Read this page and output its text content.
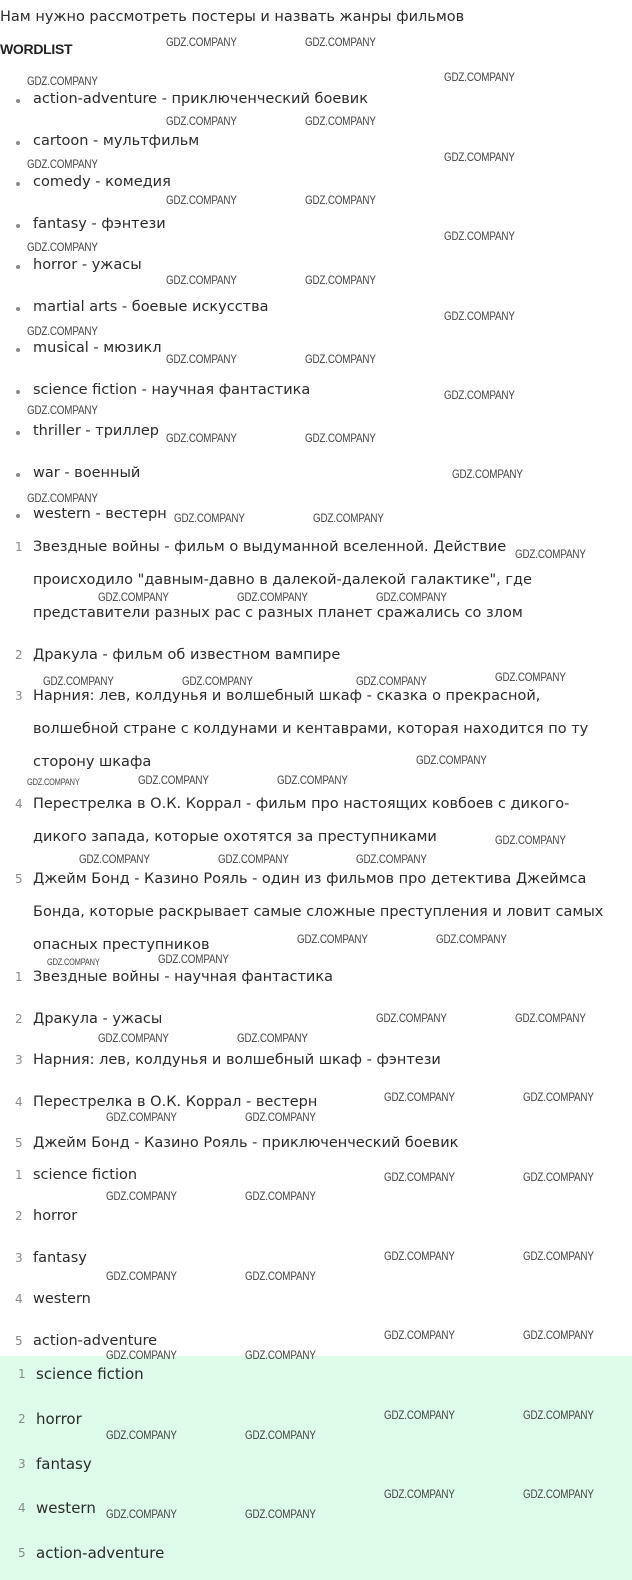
Нам нужно рассмотреть постеры и назвать жанры фильмов
WORDLIST
action-adventure - приключенческий боевик
cartoon - мультфильм
comedy - комедия
fantasy - фэнтези
horror - ужасы
martial arts - боевые искусства
musical - мюзикл
science fiction - научная фантастика
thriller - триллер
war - военный
western - вестерн
1 Звездные войны - фильм о выдуманной вселенной. Действие
происходило "давным-давно в далекой-далекой галактике", где
представители разных рас с разных планет сражались со злом
2 Дракула - фильм об известном вампире
3 Нарния: лев, колдунья и волшебный шкаф - сказка о прекрасной,
волшебной стране с колдунами и кентаврами, которая находится по ту
сторону шкафа
4 Перестрелка в О.К. Коррал - фильм про настоящих ковбоев с дикого-
дикого запада, которые охотятся за преступниками
5 Джейм Бонд - Казино Рояль - один из фильмов про детектива Джеймса
Бонда, которые раскрывает самые сложные преступления и ловит самых
опасных преступников
1 Звездные войны - научная фантастика
2 Дракула - ужасы
3 Нарния: лев, колдунья и волшебный шкаф - фэнтези
4 Перестрелка в О.К. Коррал - вестерн
5 Джейм Бонд - Казино Рояль - приключенческий боевик
1 science fiction
2 horror
3 fantasy
4 western
5 action-adventure
1 science fiction
2 horror
3 fantasy
4 western
5 action-adventure
GDZ.COMPANY	GDZ.COMPANY
GDZ.COMPANY	GDZ.COMPANY
GDZ.COMPANY	GDZ.COMPANY
GDZ.COMPANY	GDZ.COMPANY
GDZ.COMPANY	GDZ.COMPANY
GDZ.COMPANY
GDZ.COMPANY
GDZ.COMPANY	GDZ.COMPANY
GDZ.COMPANY
GDZ.COMPANY
GDZ.COMPANY	GDZ.COMPANY
GDZ.COMPANY
GDZ.COMPANY
GDZ.COMPANY	GDZ.COMPANY
GDZ.COMPANY
GDZ.COMPANY
GDZ.COMPANY	GDZ.COMPANY
GDZ.COMPANY
GDZ.COMPANY	GDZ.COMPANY	GDZ.COMPANY
GDZ.COMPANY
GDZ.COMPANY	GDZ.COMPANY	GDZ.COMPANY
GDZ.COMPANY
GDZ.COMPANY	GDZ.COMPANY	GDZ.COMPANY
GDZ.COMPANY
GDZ.COMPANY	GDZ.COMPANY	GDZ.COMPANY
GDZ.COMPANY	GDZ.COMPANY
GDZ.COMPANY
GDZ.COMPANY
GDZ.COMPANY	GDZ.COMPANY
GDZ.COMPANY	GDZ.COMPANY
GDZ.COMPANY	GDZ.COMPANY
GDZ.COMPANY	GDZ.COMPANY
GDZ.COMPANY	GDZ.COMPANY
GDZ.COMPANY	GDZ.COMPANY
GDZ.COMPANY	GDZ.COMPANY
GDZ.COMPANY	GDZ.COMPANY
GDZ.COMPANY	GDZ.COMPANY
GDZ.COMPANY	GDZ.COMPANY
GDZ.COMPANY	GDZ.COMPANY
GDZ.COMPANY	GDZ.COMPANY
GDZ.COMPANY	GDZ.COMPANY
GDZ.COMPANY	GDZ.COMPANY
